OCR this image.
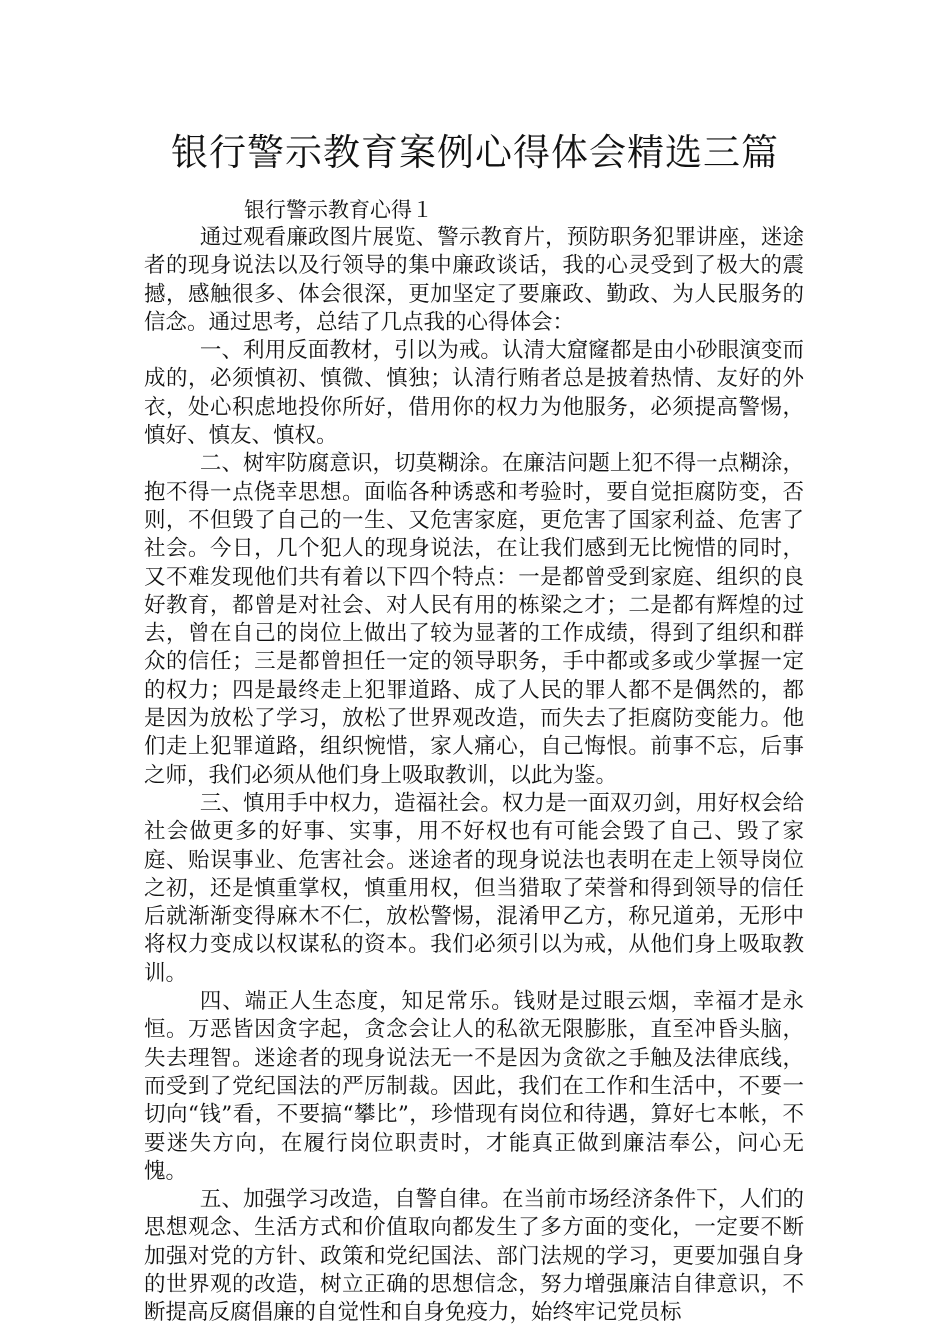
银行警示教育案例心得体会精选三篇

银行警示教育心得１

通过观看廉政图片展览、警示教育片，预防职务犯罪讲座，迷途者的现身说法以及行领导的集中廉政谈话，我的心灵受到了极大的震撼，感触很多、体会很深，更加坚定了要廉政、勤政、为人民服务的信念。通过思考，总结了几点我的心得体会：

一、利用反面教材，引以为戒。认清大窟窿都是由小砂眼演变而成的，必须慎初、慎微、慎独；认清行贿者总是披着热情、友好的外衣，处心积虑地投你所好，借用你的权力为他服务，必须提高警惕，慎好、慎友、慎权。

二、树牢防腐意识，切莫糊涂。在廉洁问题上犯不得一点糊涂，抱不得一点侥幸思想。面临各种诱惑和考验时，要自觉拒腐防变，否则，不但毁了自己的一生、又危害家庭，更危害了国家利益、危害了社会。今日，几个犯人的现身说法，在让我们感到无比惋惜的同时，又不难发现他们共有着以下四个特点：一是都曾受到家庭、组织的良好教育，都曾是对社会、对人民有用的栋梁之才；二是都有辉煌的过去，曾在自己的岗位上做出了较为显著的工作成绩，得到了组织和群众的信任；三是都曾担任一定的领导职务，手中都或多或少掌握一定的权力；四是最终走上犯罪道路、成了人民的罪人都不是偶然的，都是因为放松了学习，放松了世界观改造，而失去了拒腐防变能力。他们走上犯罪道路，组织惋惜，家人痛心，自己悔恨。前事不忘，后事之师，我们必须从他们身上吸取教训，以此为鉴。

三、慎用手中权力，造福社会。权力是一面双刃剑，用好权会给社会做更多的好事、实事，用不好权也有可能会毁了自己、毁了家庭、贻误事业、危害社会。迷途者的现身说法也表明在走上领导岗位之初，还是慎重掌权，慎重用权，但当猎取了荣誉和得到领导的信任后就渐渐变得麻木不仁，放松警惕，混淆甲乙方，称兄道弟，无形中将权力变成以权谋私的资本。我们必须引以为戒，从他们身上吸取教训。

四、端正人生态度，知足常乐。钱财是过眼云烟，幸福才是永恒。万恶皆因贪字起，贪念会让人的私欲无限膨胀，直至冲昏头脑，失去理智。迷途者的现身说法无一不是因为贪欲之手触及法律底线，而受到了党纪国法的严厉制裁。因此，我们在工作和生活中，不要一切向“钱”看，不要搞“攀比”，珍惜现有岗位和待遇，算好七本帐，不要迷失方向，在履行岗位职责时，才能真正做到廉洁奉公，问心无愧。

五、加强学习改造，自警自律。在当前市场经济条件下，人们的思想观念、生活方式和价值取向都发生了多方面的变化，一定要不断加强对党的方针、政策和党纪国法、部门法规的学习，更要加强自身的世界观的改造，树立正确的思想信念，努力增强廉洁自律意识，不断提高反腐倡廉的自觉性和自身免疫力，始终牢记党员标
